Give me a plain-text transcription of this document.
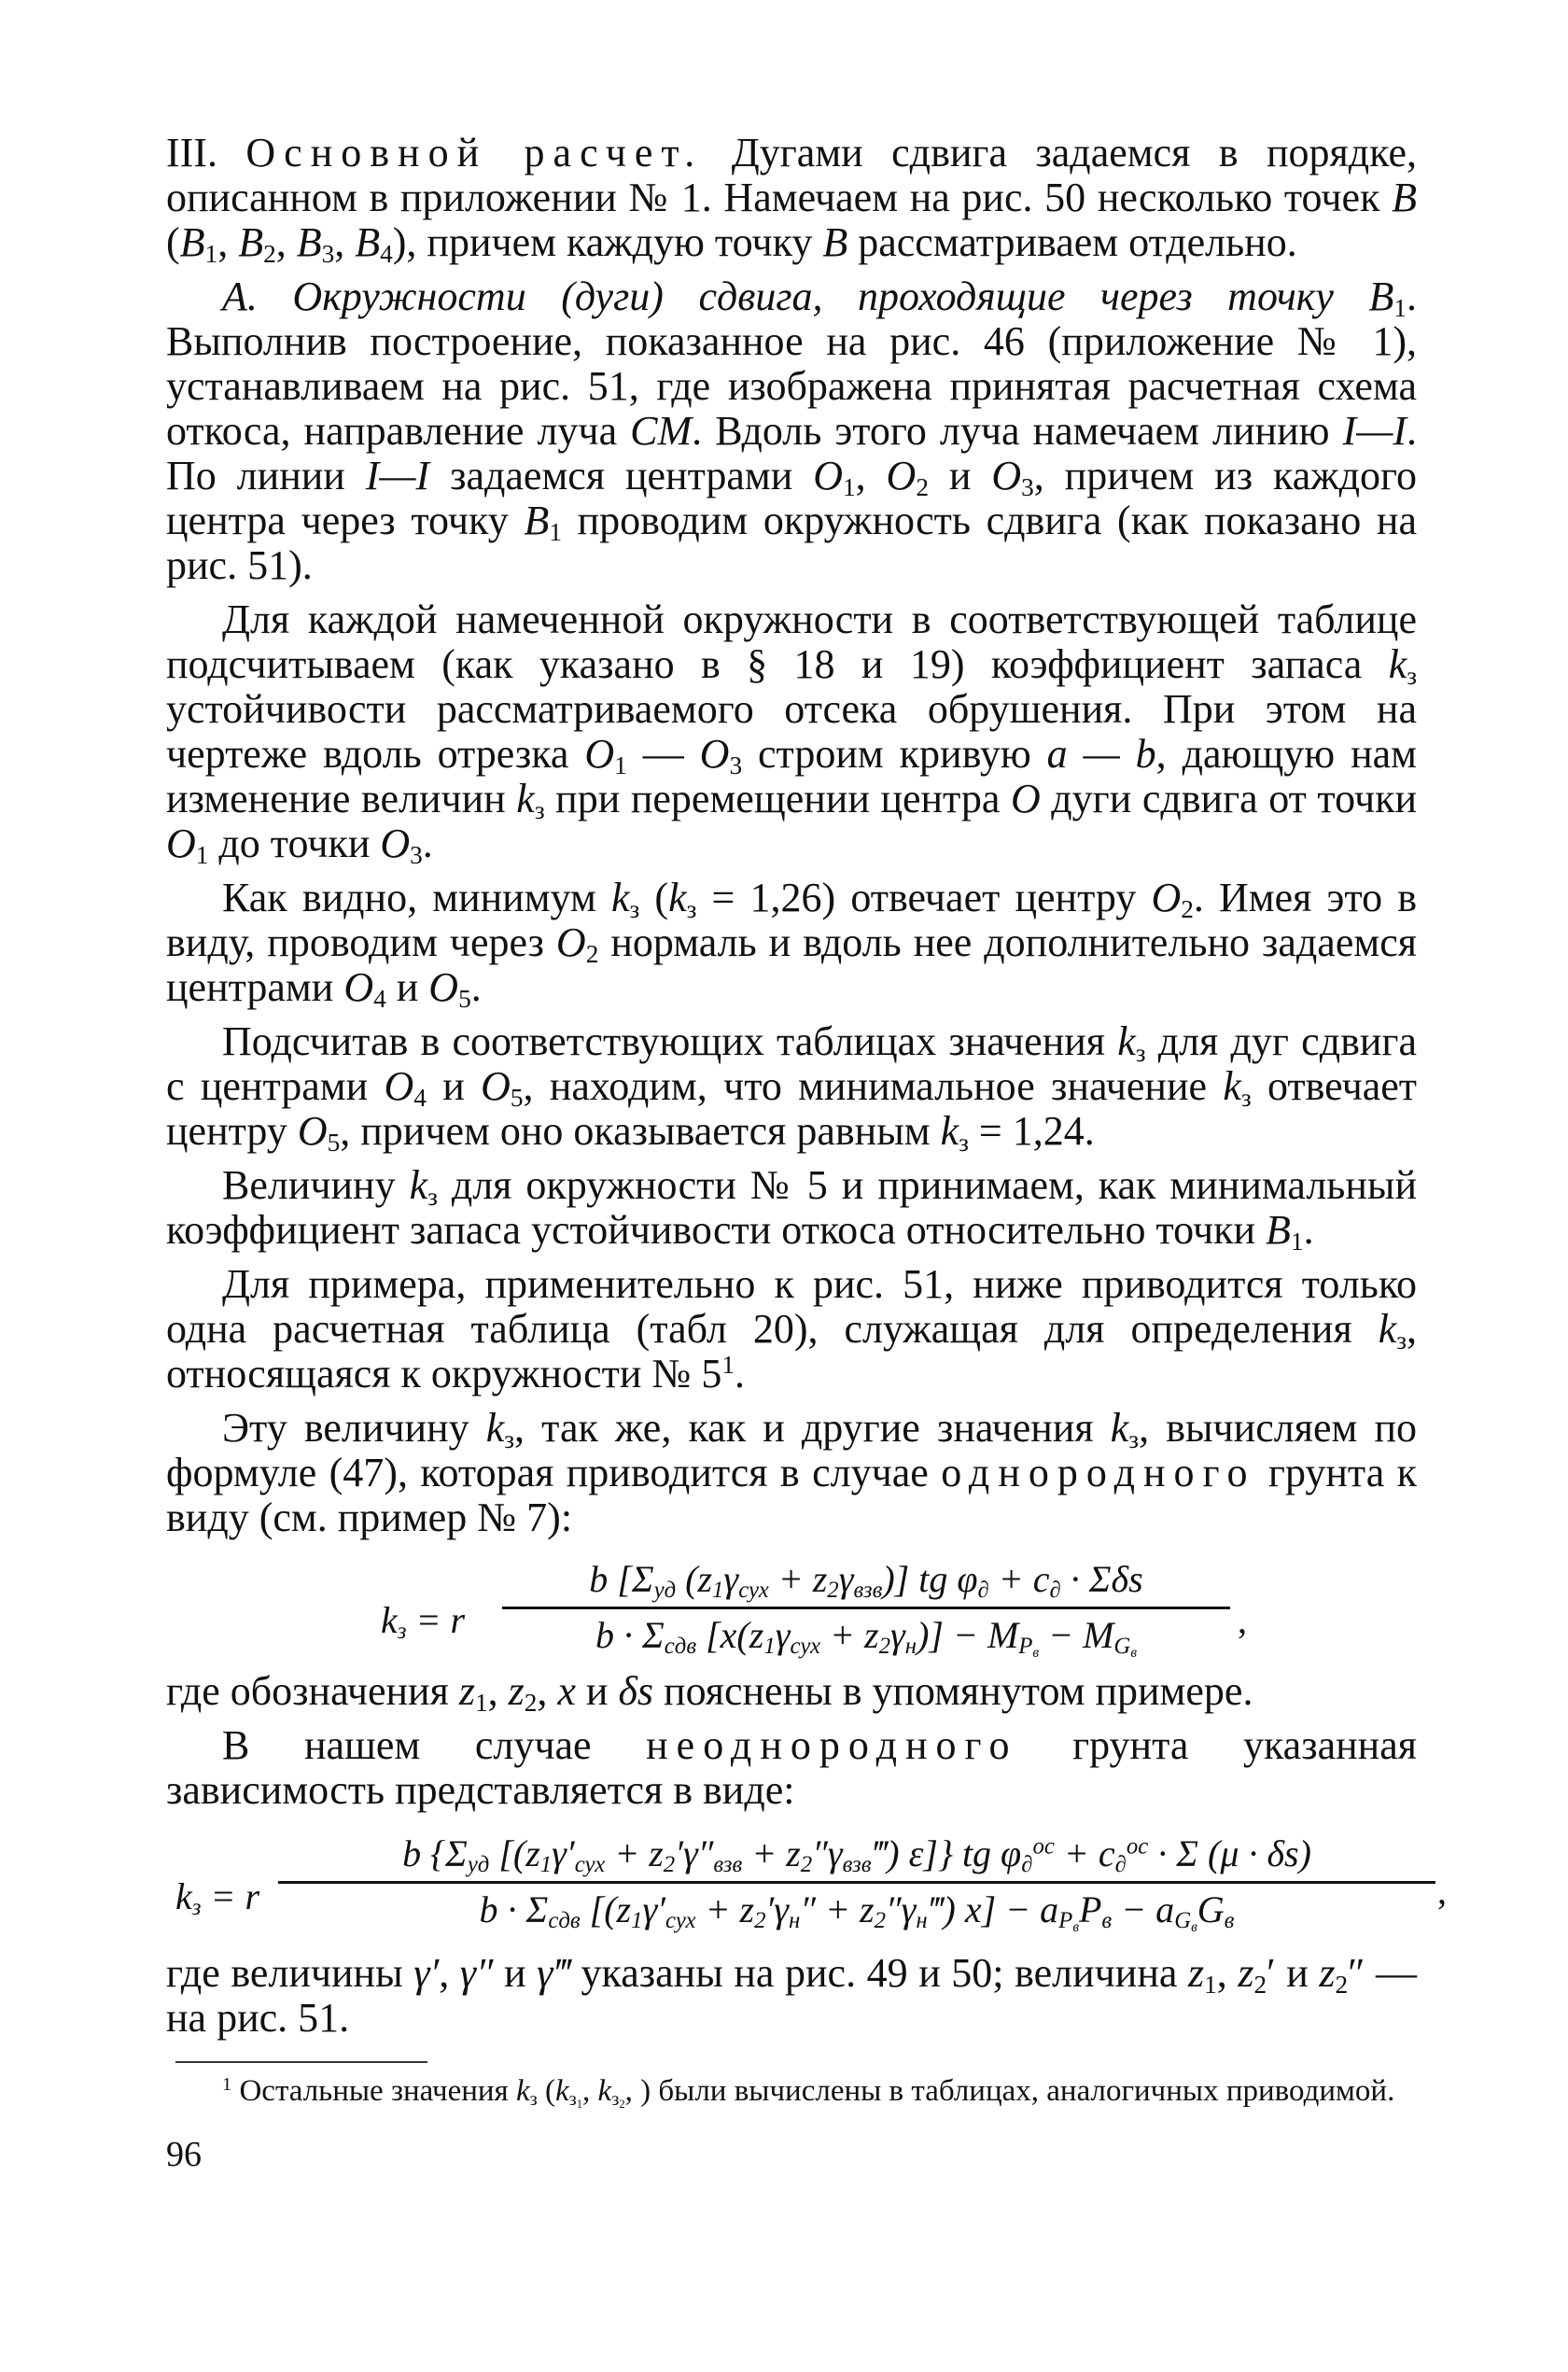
III. Основной расчет. Дугами сдвига задаемся в порядке, описанном в приложении № 1. Намечаем на рис. 50 несколько точек B ($B_1$, $B_2$, $B_3$, $B_4$), причем каждую точку B рассматриваем отдельно.

А. Окружности (дуги) сдвига, проходящие через точку $B_1$. Выполнив построение, показанное на рис. 46 (приложение № 1), устанавливаем на рис. 51, где изображена принятая расчетная схема откоса, направление луча СМ. Вдоль этого луча намечаем линию I—I. По линии I—I задаемся центрами $O_1$, $O_2$ и $O_3$, причем из каждого центра через точку $B_1$ проводим окружность сдвига (как показано на рис. 51).

Для каждой намеченной окружности в соответствующей таблице подсчитываем (как указано в § 18 и 19) коэффициент запаса $k_з$ устойчивости рассматриваемого отсека обрушения. При этом на чертеже вдоль отрезка $O_1$ — $O_3$ строим кривую a — b, дающую нам изменение величин $k_з$ при перемещении центра O дуги сдвига от точки $O_1$ до точки $O_3$.

Как видно, минимум $k_з$ $(k_з = 1,26)$ отвечает центру $O_2$. Имея это в виду, проводим через $O_2$ нормаль и вдоль нее дополнительно задаемся центрами $O_4$ и $O_5$.

Подсчитав в соответствующих таблицах значения $k_з$ для дуг сдвига с центрами $O_4$ и $O_5$, находим, что минимальное значение $k_з$ отвечает центру $O_5$, причем оно оказывается равным $k_з = 1,24$.

Величину $k_з$ для окружности № 5 и принимаем, как минимальный коэффициент запаса устойчивости откоса относительно точки $B_1$.

Для примера, применительно к рис. 51, ниже приводится только одна расчетная таблица (табл 20), служащая для определения $k_з$, относящаяся к окружности № $5^1$.

Эту величину $k_з$, так же, как и другие значения $k_з$, вычисляем по формуле (47), которая приводится в случае однородного грунта к виду (см. пример № 7):

$k_з = r$
b [$\Sigma_{уд}$ $(z_1\gamma_{сух} + z_2\gamma_{взв})$] tg $\varphi_\partial + c_\partial \cdot \Sigma\delta s$
$b \cdot \Sigma_{сдв}$ $[x(z_1\gamma_{сух} + z_2\gamma_н)] - M_{P_в} - M_{G_в}$
,

где обозначения $z_1$, $z_2$, x и δs пояснены в упомянутом примере.

В нашем случае неоднородного грунта указанная зависимость представляется в виде:

$k_з = r$
b {$\Sigma_{уд}$ [($z_1\gamma'_{сух} + z_2'\gamma''_{взв}$ + $z_2''\gamma_{взв}‴$) ε]} tg $\varphi_\partial^{ос} + c_\partial^{ос} \cdot \Sigma$ (μ · δs)
$b \cdot \Sigma_{сдв}$ [($z_1\gamma'_{сух} + z_2'\gamma_н''$ + $z_2''\gamma_н‴$) $x] - a_{P_в}P_в - a_{G_в}G_в$
,

где величины γ′, γ″ и γ‴ указаны на рис. 49 и 50; величина $z_1$, $z_2'$ и $z_2''$ — на рис. 51.

$^1$ Остальные значения $k_з$ ($k_{з_1}$, $k_{з_2}$, ) были вычислены в таблицах, аналогичных приводимой.

96
